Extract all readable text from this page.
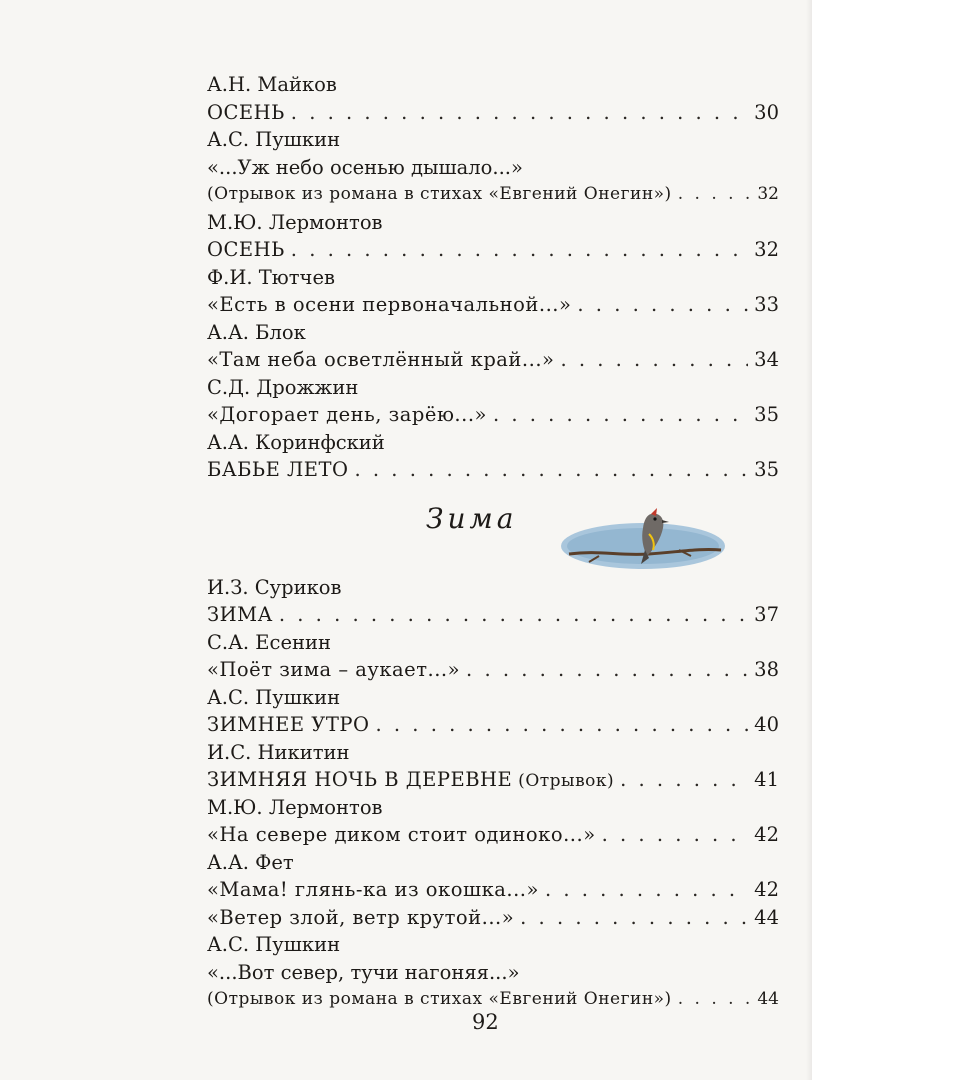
А.Н. Майков
ОСЕНЬ . . .	30
А.С. Пушкин
«...Уж небо осенью дышало...»
(Отрывок из романа в стихах «Евгений Онегин») . . .	32
М.Ю. Лермонтов
ОСЕНЬ . . .	32
Ф.И. Тютчев
«Есть в осени первоначальной...» . . .	33
А.А. Блок
«Там неба осветлённый край...» . . .	34
С.Д. Дрожжин
«Догорает день, зарёю...» . . .	35
А.А. Коринфский
БАБЬЕ ЛЕТО . . .	35
Зима
И.З. Суриков
ЗИМА . . .	37
С.А. Есенин
«Поёт зима – аукает...» . . .	38
А.С. Пушкин
ЗИМНЕЕ УТРО . . .	40
И.С. Никитин
ЗИМНЯЯ НОЧЬ В ДЕРЕВНЕ (Отрывок) . . .	41
М.Ю. Лермонтов
«На севере диком стоит одиноко...» . . .	42
А.А. Фет
«Мама! глянь-ка из окошка...» . . .	42
«Ветер злой, ветр крутой...» . . .	44
А.С. Пушкин
«...Вот север, тучи нагоняя...»
(Отрывок из романа в стихах «Евгений Онегин») . . .	44
92
